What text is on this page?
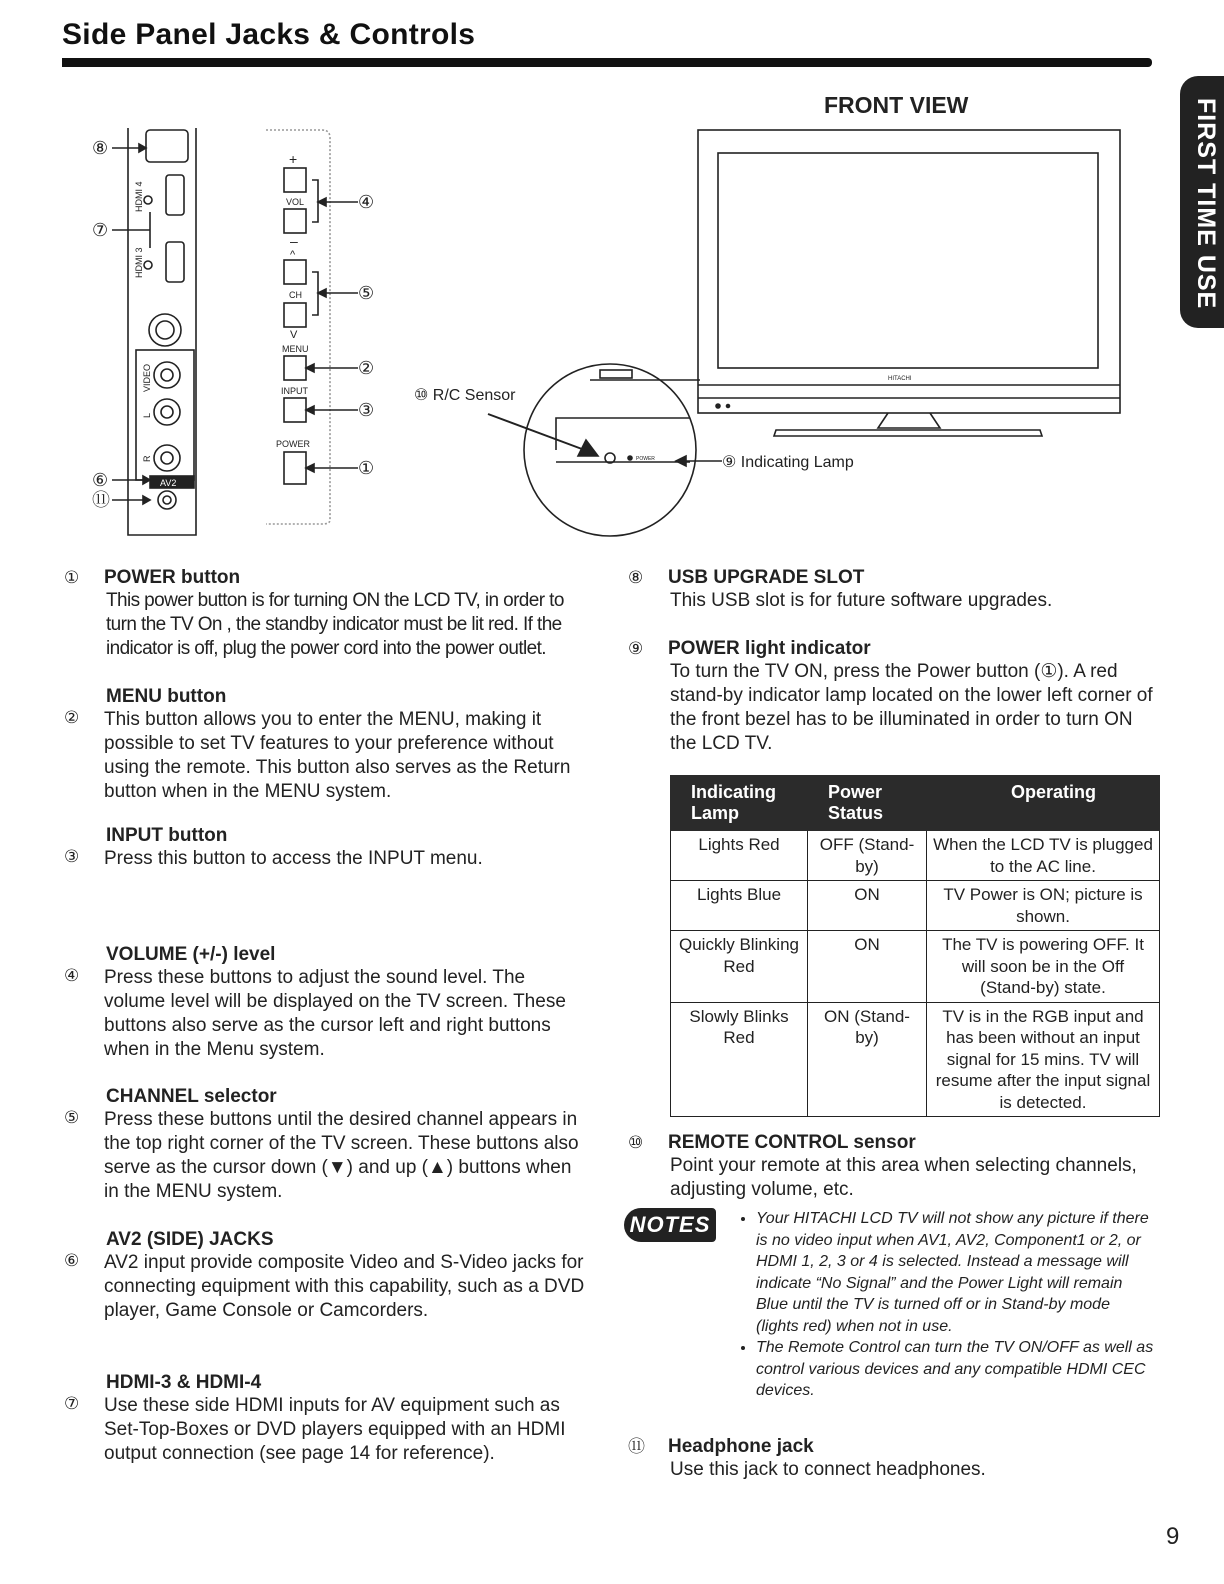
Side Panel Jacks & Controls
FIRST TIME USE
FRONT VIEW
⑧
⑦
⑥
⑪
④
⑤
②
③
①
HDMI 4
HDMI 3
VIDEO
L
R
AV2
+
VOL
–
^
CH
V
MENU
INPUT
POWER
⑩ R/C Sensor
⑨ Indicating Lamp
HITACHI
POWER
①	POWER button
This power button is for turning ON the LCD TV, in order to turn the TV On , the standby indicator must be lit red. If the indicator is off, plug the power cord into the power outlet.
MENU button
②	This button allows you to enter the MENU, making it possible to set TV features to your preference without using the remote. This button also serves as the Return button when in the MENU system.
INPUT button
③	Press this button to access the INPUT menu.
VOLUME (+/-) level
④	Press these buttons to adjust the sound level. The volume level will be displayed on the TV screen. These buttons also serve as the cursor left and right buttons when in the Menu system.
CHANNEL selector
⑤	Press these buttons until the desired channel appears in the top right corner of the TV screen. These buttons also serve as the cursor down (▼) and up (▲) buttons when in the MENU system.
AV2 (SIDE) JACKS
⑥	AV2 input provide composite Video and S-Video jacks for connecting equipment with this capability, such as a DVD player, Game Console or Camcorders.
HDMI-3 & HDMI-4
⑦	Use these side HDMI inputs for AV equipment such as Set-Top-Boxes or DVD players equipped with an HDMI output connection (see page 14 for reference).
⑧	USB UPGRADE SLOT
This USB slot is for future software upgrades.
⑨	POWER light indicator
To turn the TV ON, press the Power button (①). A red stand-by indicator lamp located on the lower left corner of the front bezel has to be illuminated in order to turn ON the LCD TV.
Indicating Lamp	Power Status	Operating
Lights Red	OFF (Stand-by)	When the LCD TV is plugged to the AC line.
Lights Blue	ON	TV Power is ON; picture is shown.
Quickly Blinking Red	ON	The TV is powering OFF. It will soon be in the Off (Stand-by) state.
Slowly Blinks Red	ON (Stand-by)	TV is in the RGB input and has been without an input signal for 15 mins. TV will resume after the input signal is detected.
⑩	REMOTE CONTROL sensor
Point your remote at this area when selecting channels, adjusting volume, etc.
NOTES	• Your HITACHI LCD TV will not show any picture if there is no video input when AV1, AV2, Component1 or 2, or HDMI 1, 2, 3 or 4 is selected. Instead a message will indicate “No Signal” and the Power Light will remain Blue until the TV is turned off or in Stand-by mode (lights red) when not in use.
• The Remote Control can turn the TV ON/OFF as well as control various devices and any compatible HDMI CEC devices.
⑪	Headphone jack
Use this jack to connect headphones.
9
